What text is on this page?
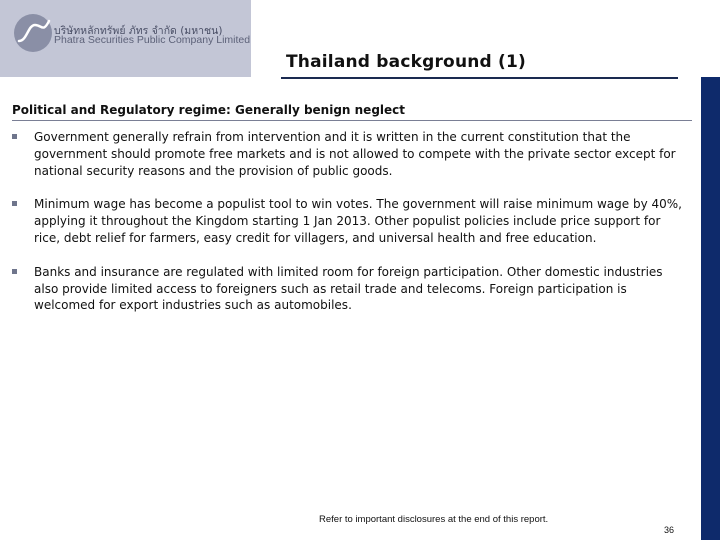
บริษัทหลักทรัพย์ ภัทร จำกัด (มหาชน)
Phatra Securities Public Company Limited
Thailand background (1)
Political and Regulatory regime: Generally benign neglect
Government generally refrain from intervention and it is written in the current constitution that the government should promote free markets and is not allowed to compete with the private sector except for national security reasons and the provision of public goods.
Minimum wage has become a populist tool to win votes. The government will raise minimum wage by 40%, applying it throughout the Kingdom starting 1 Jan 2013. Other populist policies include price support for rice, debt relief for farmers, easy credit for villagers, and universal health and free education.
Banks and insurance are regulated with limited room for foreign participation. Other domestic industries also provide limited access to foreigners such as retail trade and telecoms. Foreign participation is welcomed for export industries such as automobiles.
Refer to important disclosures at the end of this report.
36
